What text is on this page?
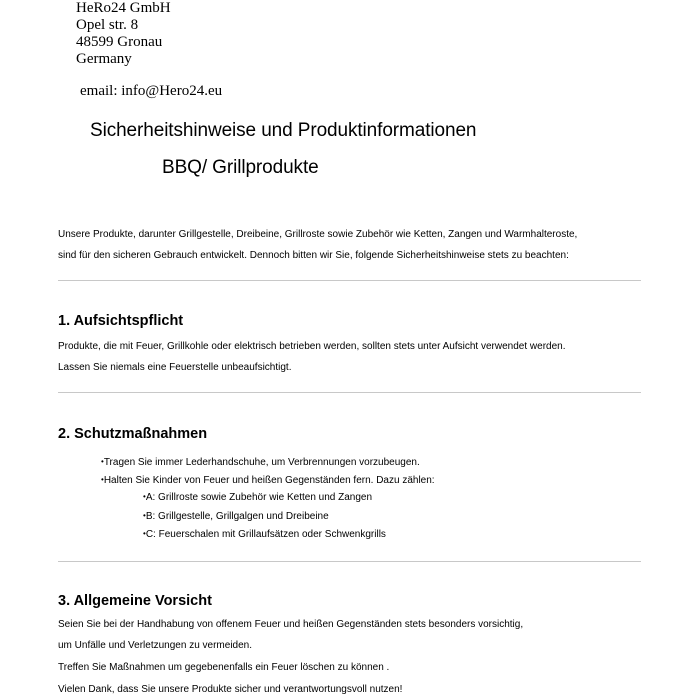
HeRo24 GmbH
Opel str. 8
48599 Gronau
Germany
email: info@Hero24.eu
Sicherheitshinweise und Produktinformationen
BBQ/ Grillprodukte
Unsere Produkte, darunter Grillgestelle, Dreibeine, Grillroste sowie Zubehör wie Ketten, Zangen und Warmhalteroste,
sind für den sicheren Gebrauch entwickelt. Dennoch bitten wir Sie, folgende Sicherheitshinweise stets zu beachten:
1. Aufsichtspflicht
Produkte, die mit Feuer, Grillkohle oder elektrisch betrieben werden, sollten stets unter Aufsicht verwendet werden.
Lassen Sie niemals eine Feuerstelle unbeaufsichtigt.
2. Schutzmaßnahmen
• Tragen Sie immer Lederhandschuhe, um Verbrennungen vorzubeugen.
• Halten Sie Kinder von Feuer und heißen Gegenständen fern. Dazu zählen:
• A: Grillroste sowie Zubehör wie Ketten und Zangen
• B: Grillgestelle, Grillgalgen und Dreibeine
• C: Feuerschalen mit Grillaufsätzen oder Schwenkgrills
3. Allgemeine Vorsicht
Seien Sie bei der Handhabung von offenem Feuer und heißen Gegenständen stets besonders vorsichtig,
um Unfälle und Verletzungen zu vermeiden.
Treffen Sie Maßnahmen um gegebenenfalls ein Feuer löschen zu können .
Vielen Dank, dass Sie unsere Produkte sicher und verantwortungsvoll nutzen!
